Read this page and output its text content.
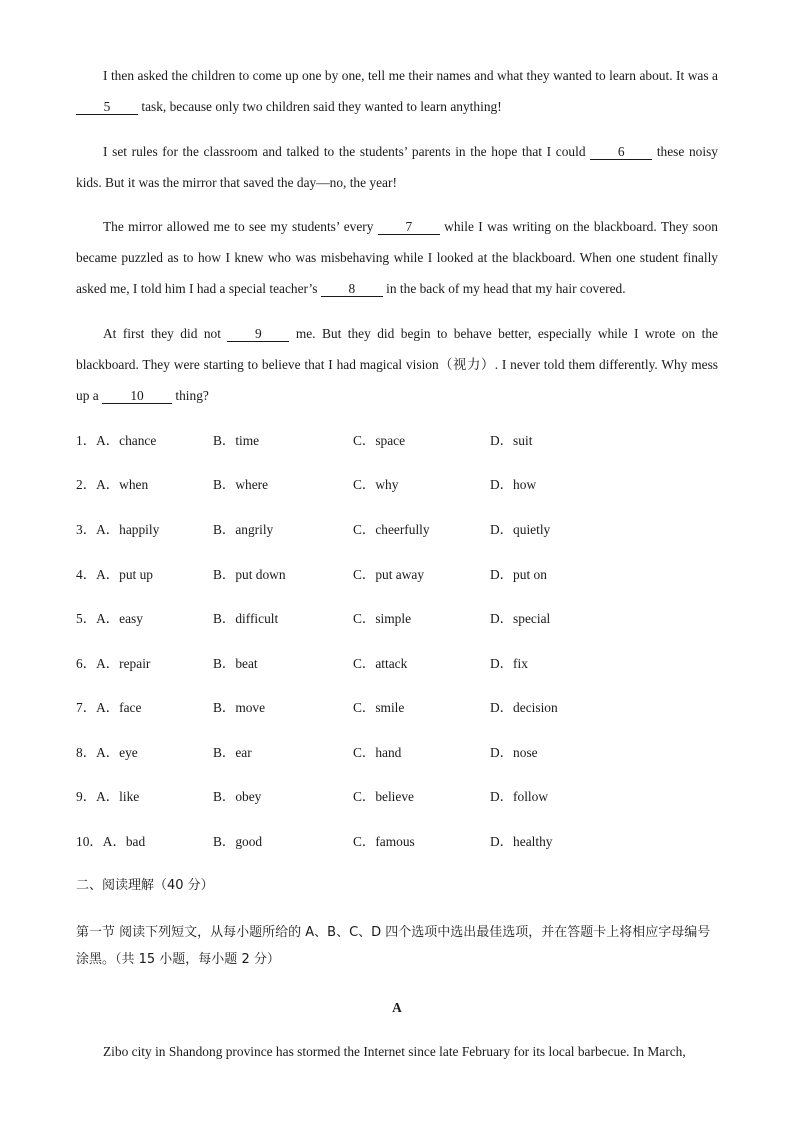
I then asked the children to come up one by one, tell me their names and what they wanted to learn about. It was a 5 task, because only two children said they wanted to learn anything!

I set rules for the classroom and talked to the students’ parents in the hope that I could 6 these noisy kids. But it was the mirror that saved the day—no, the year!

The mirror allowed me to see my students’ every 7 while I was writing on the blackboard. They soon became puzzled as to how I knew who was misbehaving while I looked at the blackboard. When one student finally asked me, I told him I had a special teacher’s 8 in the back of my head that my hair covered.

At first they did not 9 me. But they did begin to behave better, especially while I wrote on the blackboard. They were starting to believe that I had magical vision（视力）. I never told them differently. Why mess up a 10 thing?

1．A．chance	B．time	C．space	D．suit
2．A．when	B．where	C．why	D．how
3．A．happily	B．angrily	C．cheerfully	D．quietly
4．A．put up	B．put down	C．put away	D．put on
5．A．easy	B．difficult	C．simple	D．special
6．A．repair	B．beat	C．attack	D．fix
7．A．face	B．move	C．smile	D．decision
8．A．eye	B．ear	C．hand	D．nose
9．A．like	B．obey	C．believe	D．follow
10．A．bad	B．good	C．famous	D．healthy

二、阅读理解（40 分）

第一节 阅读下列短文，从每小题所给的 A、B、C、D 四个选项中选出最佳选项，并在答题卡上将相应字母编号涂黑。（共 15 小题，每小题 2 分）

A

Zibo city in Shandong province has stormed the Internet since late February for its local barbecue. In March,
